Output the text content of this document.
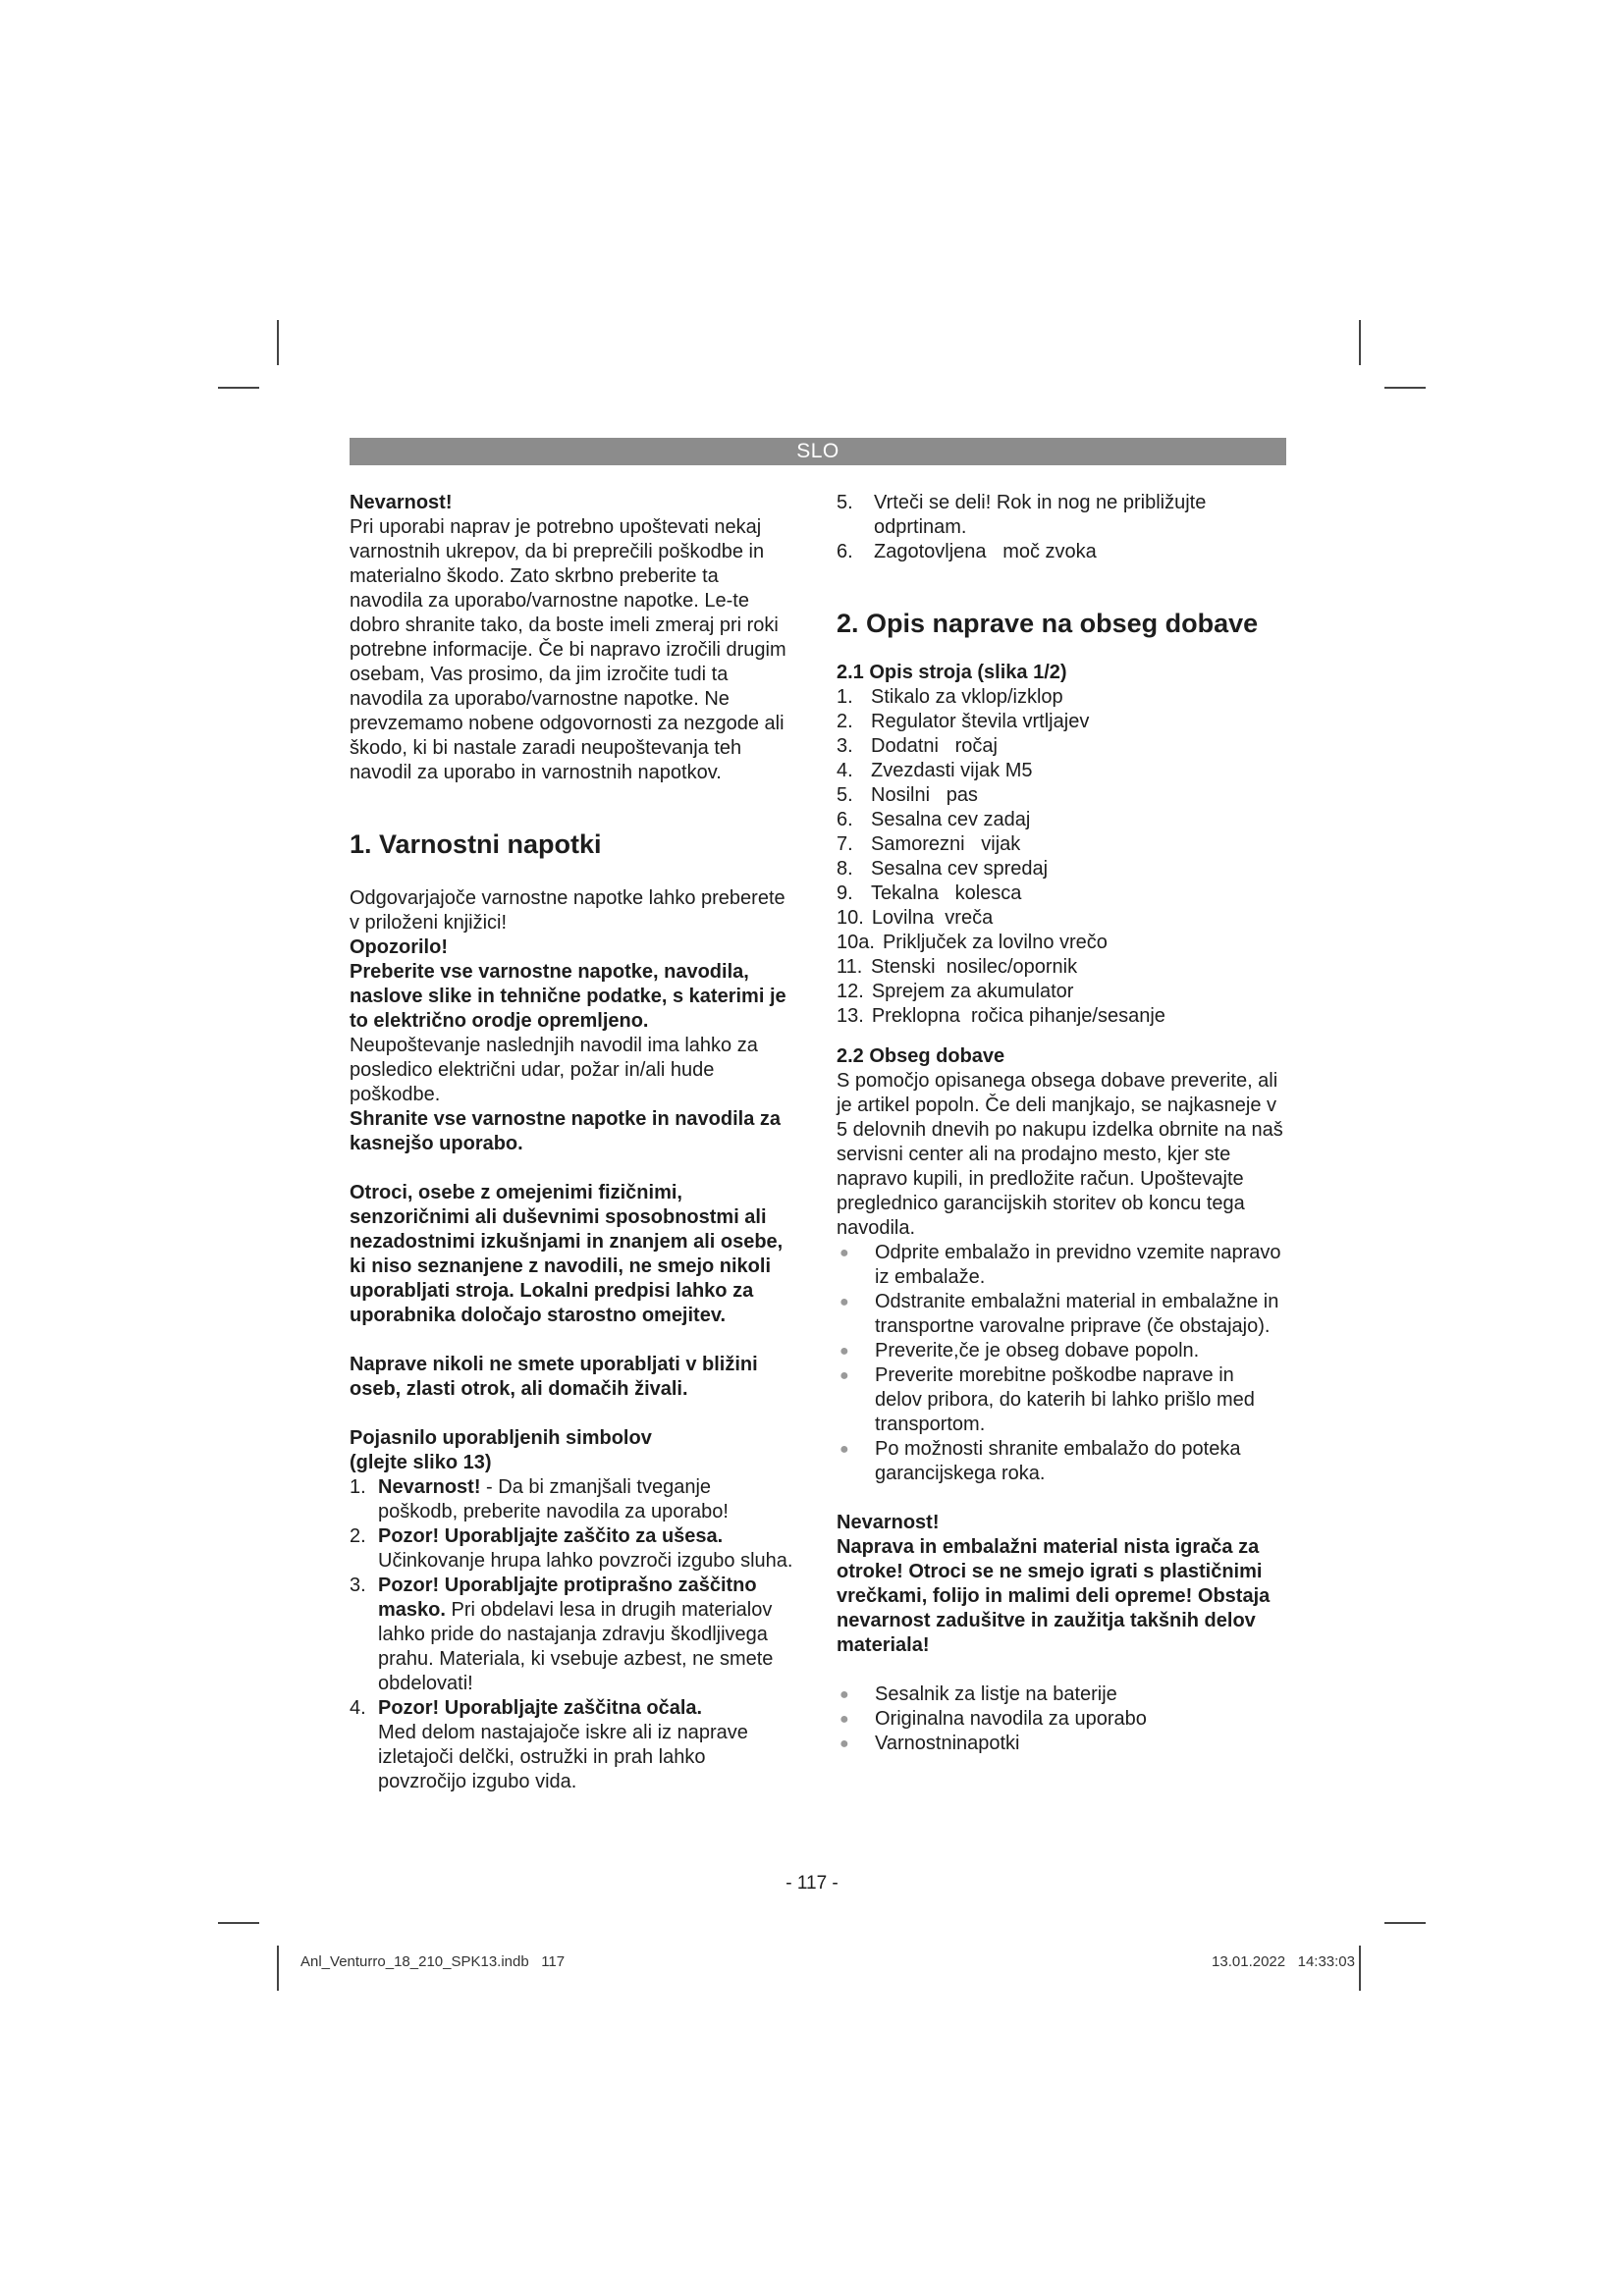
SLO

Nevarnost!

Pri uporabi naprav je potrebno upoštevati nekaj varnostnih ukrepov, da bi preprečili poškodbe in materialno škodo. Zato skrbno preberite ta navodila za uporabo/varnostne napotke. Le-te dobro shranite tako, da boste imeli zmeraj pri roki potrebne informacije. Če bi napravo izročili drugim osebam, Vas prosimo, da jim izročite tudi ta navodila za uporabo/varnostne napotke. Ne prevzemamo nobene odgovornosti za nezgode ali škodo, ki bi nastale zaradi neupoštevanja teh navodil za uporabo in varnostnih napotkov.

1. Varnostni napotki

Odgovarjajoče varnostne napotke lahko preberete v priloženi knjižici!

Opozorilo!

Preberite vse varnostne napotke, navodila, naslove slike in tehnične podatke, s katerimi je to električno orodje opremljeno.

Neupoštevanje naslednjih navodil ima lahko za posledico električni udar, požar in/ali hude poškodbe.

Shranite vse varnostne napotke in navodila za kasnejšo uporabo.

Otroci, osebe z omejenimi fizičnimi, senzoričnimi ali duševnimi sposobnostmi ali nezadostnimi izkušnjami in znanjem ali osebe, ki niso seznanjene z navodili, ne smejo nikoli uporabljati stroja. Lokalni predpisi lahko za uporabnika določajo starostno omejitev.

Naprave nikoli ne smete uporabljati v bližini oseb, zlasti otrok, ali domačih živali.

Pojasnilo uporabljenih simbolov

(glejte sliko 13)

1. Nevarnost! - Da bi zmanjšali tveganje poškodb, preberite navodila za uporabo!
2. Pozor! Uporabljajte zaščito za ušesa.
Učinkovanje hrupa lahko povzroči izgubo sluha.
3. Pozor! Uporabljajte protiprašno zaščitno masko. Pri obdelavi lesa in drugih materialov lahko pride do nastajanja zdravju škodljivega prahu. Materiala, ki vsebuje azbest, ne smete obdelovati!
4. Pozor! Uporabljajte zaščitna očala.
Med delom nastajajoče iskre ali iz naprave izletajoči delčki, ostružki in prah lahko povzročijo izgubo vida.
5.	Vrteči se deli! Rok in nog ne približujte odprtinam.
6.	Zagotovljena   moč zvoka
2. Opis naprave na obseg dobave

2.1 Opis stroja (slika 1/2)

1. Stikalo za vklop/izklop
2. Regulator števila vrtljajev
3. Dodatni   ročaj
4. Zvezdasti vijak M5
5. Nosilni   pas
6. Sesalna cev zadaj
7. Samorezni   vijak
8. Sesalna cev spredaj
9. Tekalna   kolesca
10. Lovilna  vreča
10a. Priključek za lovilno vrečo
11. Stenski  nosilec/opornik
12. Sprejem za akumulator
13. Preklopna  ročica pihanje/sesanje

2.2 Obseg dobave

S pomočjo opisanega obsega dobave preverite, ali je artikel popoln. Če deli manjkajo, se najkasneje v 5 delovnih dnevih po nakupu izdelka obrnite na naš servisni center ali na prodajno mesto, kjer ste napravo kupili, in predložite račun. Upoštevajte preglednico garancijskih storitev ob koncu tega navodila.

●	Odprite embalažo in previdno vzemite napravo iz embalaže.
●	Odstranite embalažni material in embalažne in transportne varovalne priprave (če obstajajo).
●	Preverite,če je obseg dobave popoln.
●	Preverite morebitne poškodbe naprave in delov pribora, do katerih bi lahko prišlo med transportom.
●	Po možnosti shranite embalažo do poteka garancijskega roka.

Nevarnost!

Naprava in embalažni material nista igrača za otroke! Otroci se ne smejo igrati s plastičnimi vrečkami, folijo in malimi deli opreme! Obstaja nevarnost zadušitve in zaužitja takšnih delov materiala!

●	Sesalnik za listje na baterije
●	Originalna navodila za uporabo
●	Varnostninapotki
- 117 -
Anl_Venturro_18_210_SPK13.indb   117	13.01.2022   14:33:03
